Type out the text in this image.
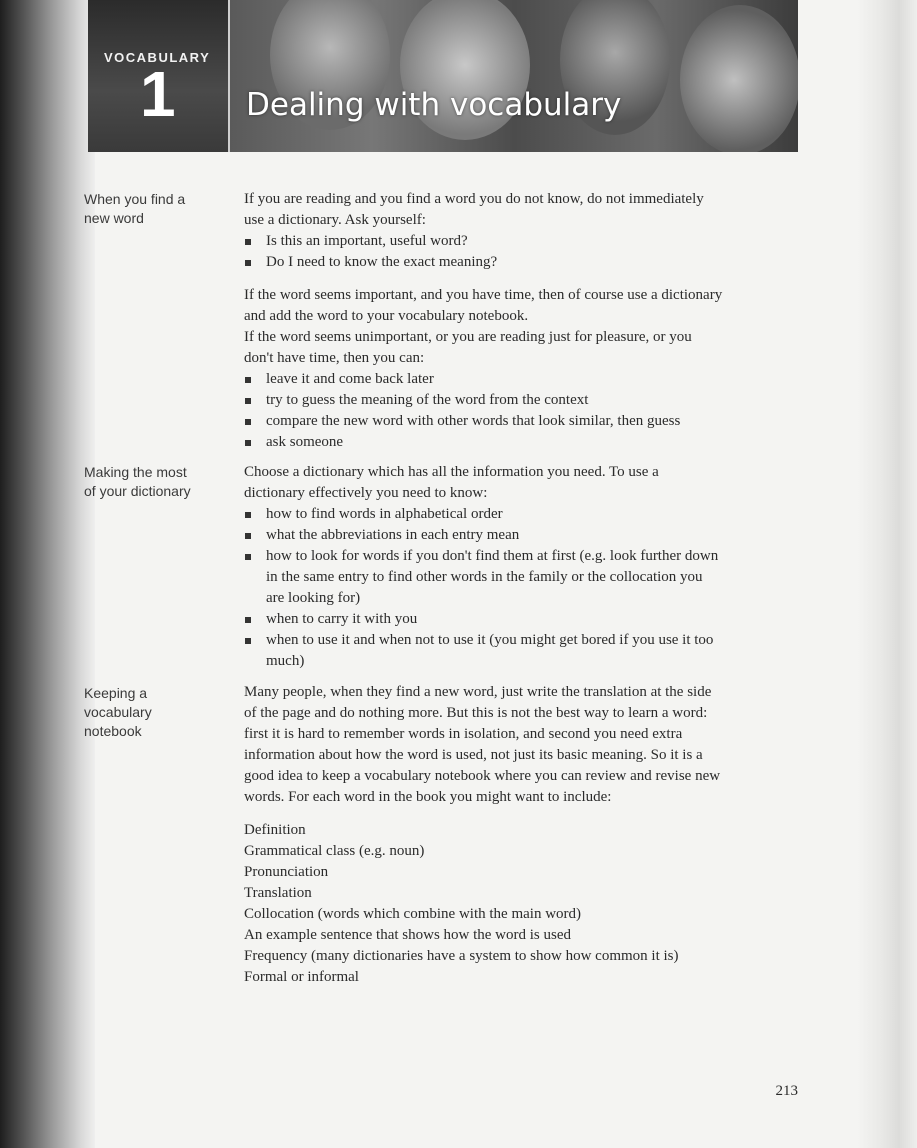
VOCABULARY
1 Dealing with vocabulary
When you find a
new word

If you are reading and you find a word you do not know, do not immediately

use a dictionary. Ask yourself:

Is this an important, useful word?

Do I need to know the exact meaning?

If the word seems important, and you have time, then of course use a dictionary

and add the word to your vocabulary notebook.

If the word seems unimportant, or you are reading just for pleasure, or you

don't have time, then you can:

leave it and come back later

try to guess the meaning of the word from the context

compare the new word with other words that look similar, then guess

ask someone

Making the most
of your dictionary

Choose a dictionary which has all the information you need. To use a

dictionary effectively you need to know:

how to find words in alphabetical order

what the abbreviations in each entry mean

how to look for words if you don't find them at first (e.g. look further down
in the same entry to find other words in the family or the collocation you
are looking for)

when to carry it with you

when to use it and when not to use it (you might get bored if you use it too
much)
Keeping a
vocabulary
notebook

Many people, when they find a new word, just write the translation at the side

of the page and do nothing more. But this is not the best way to learn a word:

first it is hard to remember words in isolation, and second you need extra

information about how the word is used, not just its basic meaning. So it is a

good idea to keep a vocabulary notebook where you can review and revise new

words. For each word in the book you might want to include:

Definition

Grammatical class (e.g. noun)

Pronunciation

Translation

Collocation (words which combine with the main word)

An example sentence that shows how the word is used

Frequency (many dictionaries have a system to show how common it is)

Formal or informal

213
